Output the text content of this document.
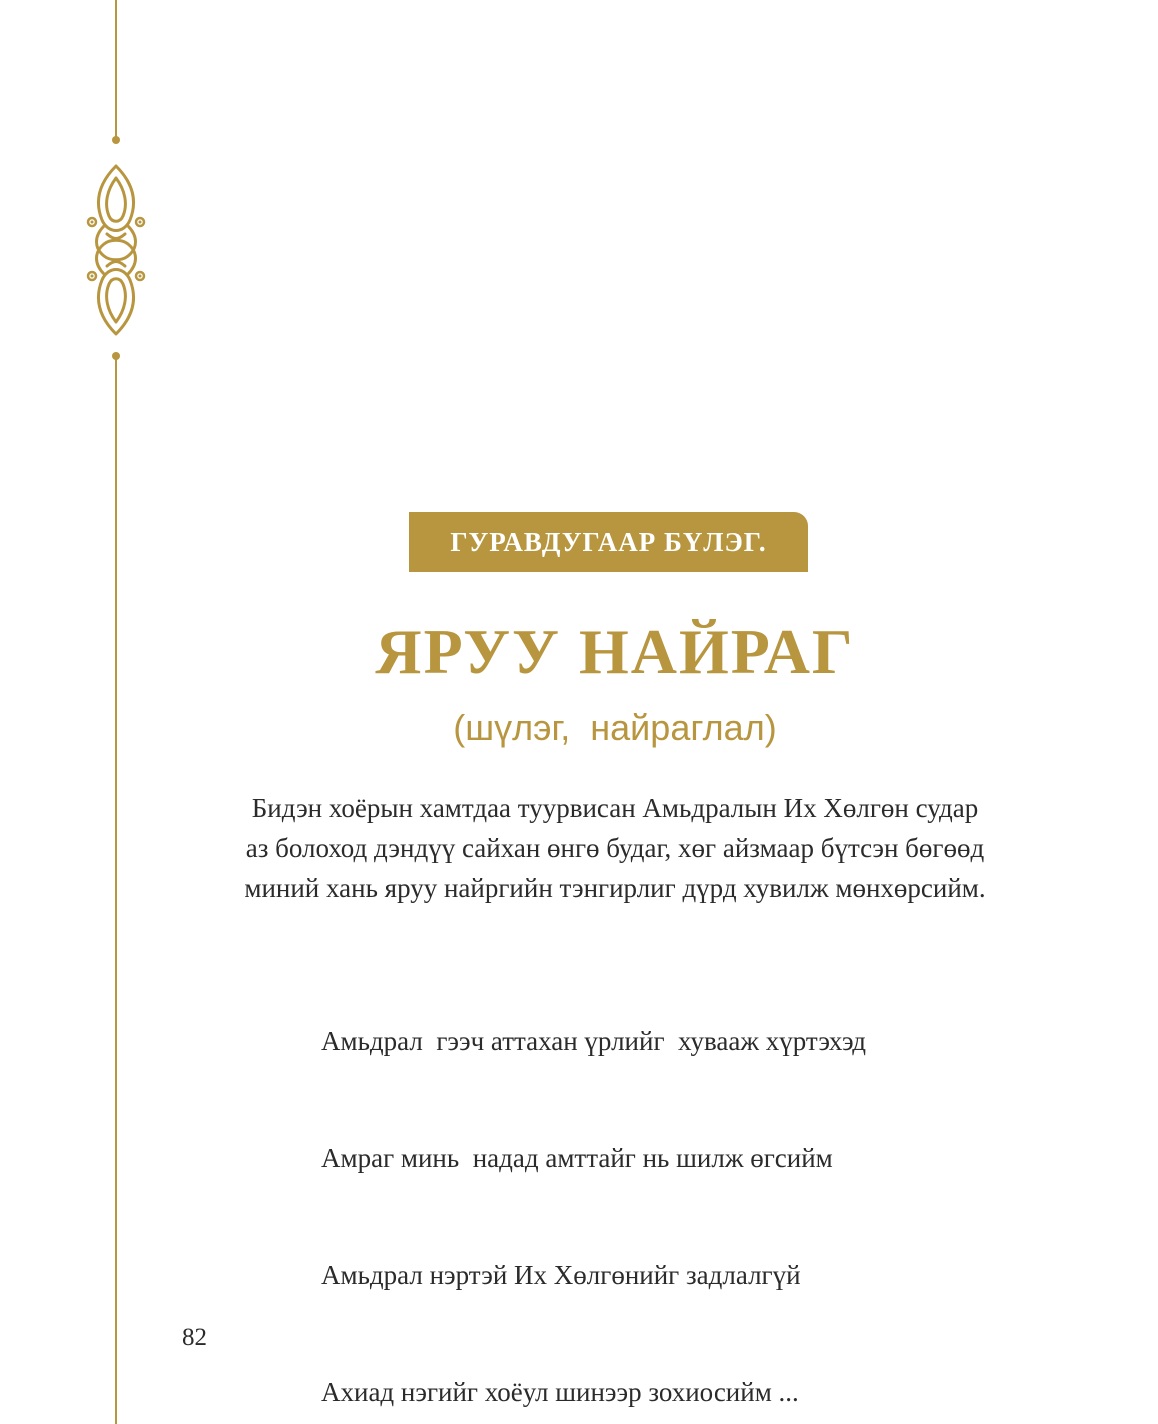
ГУРАВДУГААР БҮЛЭГ.
ЯРУУ НАЙРАГ
(шүлэг, найраглал)
Бидэн хоёрын хамтдаа туурвисан Амьдралын Их Хөлгөн судар
аз болоход дэндүү сайхан өнгө будаг, хөг айзмаар бүтсэн бөгөөд
миний хань яруу найргийн тэнгирлиг дүрд хувилж мөнхөрсийм.

Амьдрал  гээч аттахан үрлийг  хувааж хүртэхэд

Амраг минь  надад амттайг нь шилж өгсийм

Амьдрал нэртэй Их Хөлгөнийг задлалгүй

Ахиад нэгийг хоёул шинээр зохиосийм ...

82
